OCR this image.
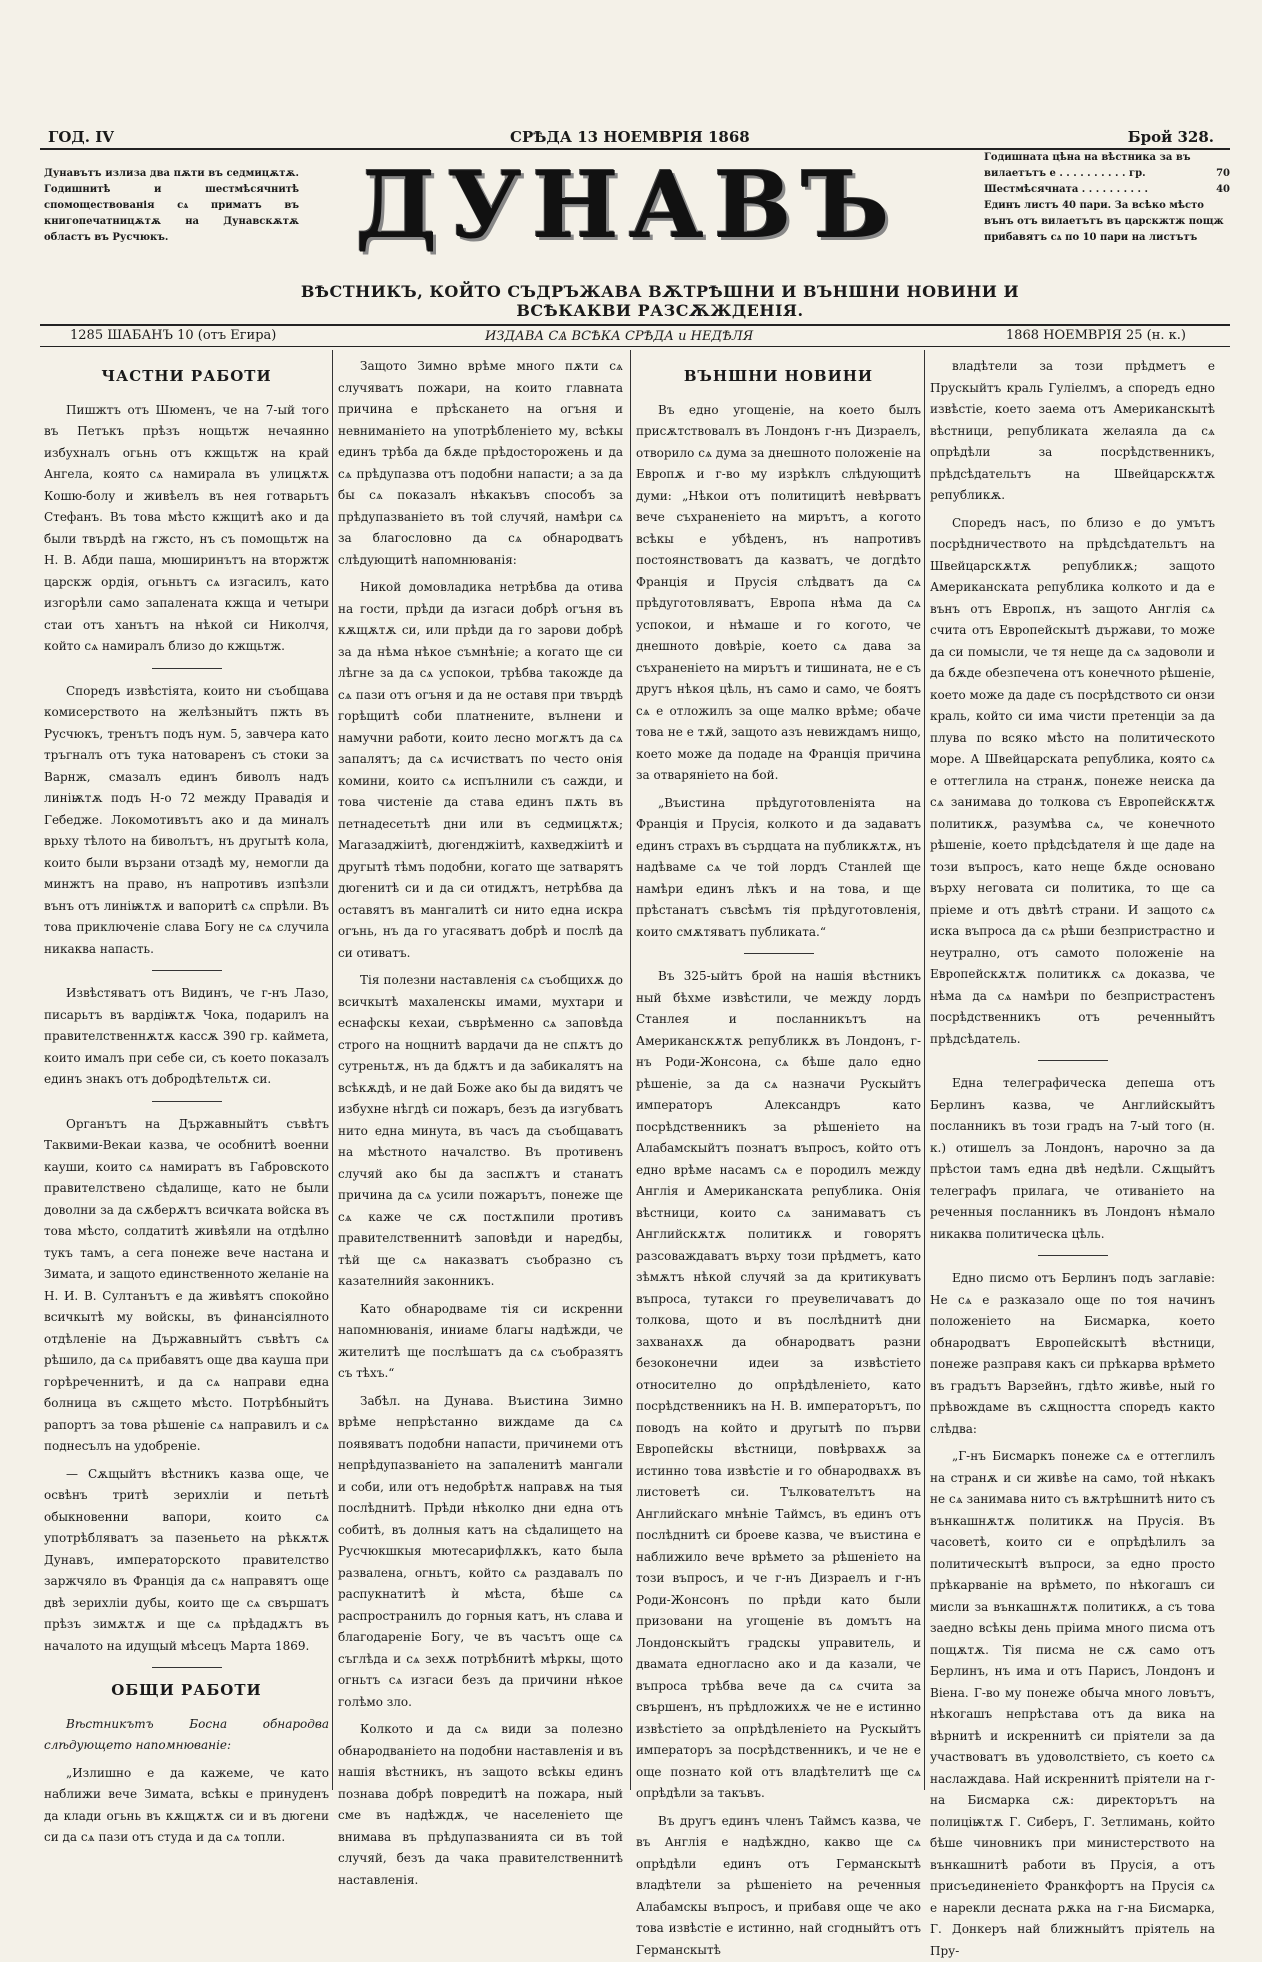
ГОД. IV	СРѢДА 13 НОЕМВРІЯ 1868	Брой 328.
Дунавътъ излиза два пѫти въ седмицѫтѫ. Годишнитѣ и шестмѣсячнитѣ спомоществованія сѧ приматъ въ книгопечатницѫтѫ на Дунавскѫтѫ областъ въ Русчюкъ.	ДУНАВЪ	Годишната цѣна на вѣстника за въ
вилаетътъ е . . . . . . . . . . гр.	70
Шестмѣсячната . . . . . . . . . .	40
Единъ листъ 40 пари. За всѣко мѣсто вънъ отъ вилаетътъ въ царскжтж пощж прибавятъ сѧ по 10 пари на листътъ
ВѢСТНИКЪ, КОЙТО СЪДРЪЖАВА ВѪТРѢШНИ И ВЪНШНИ НОВИНИ И ВСѢКАКВИ РАЗСѪЖДЕНІЯ.
1285 ШАБАНЪ 10 (отъ Егира)	ИЗДАВА СѦ ВСѢКА СРѢДА и НЕДѢЛЯ	1868 НОЕМВРІЯ 25 (н. к.)
ЧАСТНИ РАБОТИ

Пишжтъ отъ Шюменъ, че на 7-ый того въ Петъкъ прѣзъ нощьтж нечаянно избухналъ огьнь отъ кжщьтж на край Ангела, която сѧ намирала въ улицѫтѫ Кошю-болу и живѣелъ въ нея готварьтъ Стефанъ. Въ това мѣсто кжщитѣ ако и да были твърдѣ на гжсто, нъ съ помощьтж на Н. В. Абди паша, мюширинътъ на вторжтж царскж ордія, огьньтъ сѧ изгасилъ, като изгорѣли само запалената кжща и четыри стаи отъ ханътъ на нѣкой си Николчя, който сѧ намиралъ близо до кжщьтж.

Споредъ извѣстіята, които ни съобщава комисерството на желѣзныйтъ пжть въ Русчюкъ, тренътъ подъ нум. 5, завчера като тръгналъ отъ тука натоваренъ съ стоки за Варнж, смазалъ единъ биволъ надъ линіѭтѫ подъ Н-о 72 между Правадія и Гебедже. Локомотивътъ ако и да миналъ врьху тѣлото на биволътъ, нъ другытѣ кола, които были вързани отзадѣ му, немогли да минжтъ на право, нъ напротивъ изпѣзли вънъ отъ линіѭтѫ и вапоритѣ сѧ спрѣли. Въ това приключеніе слава Богу не сѧ случила никаква напасть.

Извѣстяватъ отъ Видинъ, че г-нъ Лазо, писарьтъ въ вардіѭтѫ Чока, подарилъ на правителственнѫтѫ кассѫ 390 гр. каймета, които ималъ при себе си, съ което показалъ единъ знакъ отъ добродѣтельтѫ си.

Органътъ на Държавныйтъ съвѣтъ Таквими-Векаи казва, че особнитѣ военни кауши, които сѧ намиратъ въ Габровското правителствено сѣдалище, като не были доволни за да сѫберѫтъ всичката войска въ това мѣсто, солдатитѣ живѣяли на отдѣлно тукъ тамъ, а сега понеже вече настана и Зимата, и защото единственното желаніе на Н. И. В. Султанътъ е да живѣятъ спокойно всичкытѣ му войскы, въ финансіялното отдѣленіе на Държавныйтъ съвѣтъ сѧ рѣшило, да сѧ прибавятъ още два кауша при горѣреченнитѣ, и да сѧ направи една болница въ сѫщето мѣсто. Потрѣбныйтъ рапортъ за това рѣшеніе сѧ направилъ и сѧ поднесълъ на удобреніе.

— Сѫщыйтъ вѣстникъ казва още, че освѣнъ тритѣ зерихліи и петьтѣ обыкновенни вапори, които сѧ употрѣбляватъ за пазеньето на рѣкѫтѫ Дунавъ, императорското правителство заржчяло въ Франція да сѧ направятъ още двѣ зерихліи дубы, които ще сѧ свършатъ прѣзъ зимѫтѫ и ще сѧ прѣдадѫтъ въ началото на идущый мѣсецъ Марта 1869.

ОБЩИ РАБОТИ

Вѣстникътъ Босна обнародва слѣдующето напомнюваніе:

„Излишно е да кажеме, че като наближи вече Зимата, всѣкы е принуденъ да клади огьнь въ кѫщѫтѫ си и въ дюгени си да сѧ пази отъ студа и да сѧ топли.

Защото Зимно врѣме много пѫти сѧ случяватъ пожари, на които главната причина е прѣскането на огъня и невниманіето на употрѣбленіето му, всѣкы единъ трѣба да бѫде прѣдосторожень и да сѧ прѣдупазва отъ подобни напасти; а за да бы сѧ показалъ нѣкакъвъ способъ за прѣдупазваніето въ той случяй, намѣри сѧ за благословно да сѧ обнародватъ слѣдующитѣ напомнюванія:

Никой домовладика нетрѣбва да отива на гости, прѣди да изгаси добрѣ огъня въ кѫщѫтѫ си, или прѣди да го зарови добрѣ за да нѣма нѣкое съмнѣніе; а когато ще си лѣгне за да сѧ успокои, трѣбва такожде да сѧ пази отъ огъня и да не оставя при твърдѣ горѣщитѣ соби платнените, вълнени и намучни работи, които лесно могѫтъ да сѧ запалятъ; да сѧ исчистватъ по често онія комини, които сѧ испълнили съ сажди, и това чистеніе да става единъ пѫть въ петнадесетьтѣ дни или въ седмицѫтѫ; Магазаджіитѣ, дюгенджіитѣ, кахведжіитѣ и другытѣ тѣмъ подобни, когато ще затварятъ дюгенитѣ си и да си отидѫтъ, нетрѣбва да оставятъ въ мангалитѣ си нито една искра огънь, нъ да го угасяватъ добрѣ и послѣ да си отиватъ.

Тія полезни наставленія сѧ съобщихѫ до всичкытѣ махаленскы имами, мухтари и еснафскы кехаи, съврѣменно сѧ заповѣда строго на нощнитѣ вардачи да не спѫтъ до сутреньтѫ, нъ да бдѫтъ и да забикалятъ на всѣкѫдѣ, и не дай Боже ако бы да видятъ че избухне нѣгдѣ си пожаръ, безъ да изгубватъ нито една минута, въ часъ да съобщаватъ на мѣстното началство. Въ противенъ случяй ако бы да заспѫтъ и станатъ причина да сѧ усили пожарътъ, понеже ще сѧ каже че сѫ постѫпили противъ правителственнитѣ заповѣди и наредбы, тѣй ще сѧ наказватъ съобразно съ казателнийя законникъ.

Като обнародваме тія си искренни напомнюванія, иниаме благы надѣжди, че жителитѣ ще послѣшатъ да сѧ съобразятъ съ тѣхъ.“

Забѣл. на Дунава. Въистина Зимно врѣме непрѣстанно виждаме да сѧ появяватъ подобни напасти, причинеми отъ непрѣдупазваніето на запаленитѣ мангали и соби, или отъ недобрѣтѫ направѫ на тыя послѣднитѣ. Прѣди нѣколко дни една отъ собитѣ, въ долныя катъ на сѣдалището на Русчюкшкыя мютесарифлѫкъ, като была развалена, огньтъ, който сѧ раздавалъ по распукнатитѣ ѝ мѣста, бѣше сѧ распространилъ до горныя катъ, нъ слава и благодареніе Богу, че въ часътъ още сѧ съглѣда и сѧ зехѫ потрѣбнитѣ мѣркы, щото огньтъ сѧ изгаси безъ да причини нѣкое голѣмо зло.

Колкото и да сѧ види за полезно обнародваніето на подобни наставленія и въ нашія вѣстникъ, нъ защото всѣкы единъ познава добрѣ повредитѣ на пожара, ный сме въ надѣждѫ, че населеніето ще внимава въ прѣдупазванията си въ той случяй, безъ да чака правителственнитѣ наставленія.

ВЪНШНИ НОВИНИ

Въ едно угощеніе, на което былъ присѫтствовалъ въ Лондонъ г-нъ Дизраелъ, отворило сѧ дума за днешното положеніе на Европѫ и г-во му изрѣклъ слѣдующитѣ думи: „Нѣкои отъ политицитѣ невѣрватъ вече съхраненіето на мирътъ, а когото всѣкы е убѣденъ, нъ напротивъ постоянствоватъ да казватъ, че догдѣто Франція и Прусія слѣдватъ да сѧ прѣдуготовляватъ, Европа нѣма да сѧ успокои, и нѣмаше и го когото, че днешното довѣріе, което сѧ дава за съхраненіето на мирътъ и тишината, не е съ другъ нѣкоя цѣль, нъ само и само, че боятъ сѧ е отложилъ за още малко врѣме; обаче това не е тѫй, защото азъ невиждамъ нищо, което може да подаде на Франція причина за отваряніето на бой.

„Въистина прѣдуготовленіята на Франція и Прусія, колкото и да задаватъ единъ страхъ въ сърдцата на публикѫтѫ, нъ надѣваме сѧ че той лордъ Станлей ще намѣри единъ лѣкъ и на това, и ще прѣстанатъ съвсѣмъ тія прѣдуготовленія, които смѫтяватъ публиката.“

Въ 325-ыйтъ брой на нашія вѣстникъ ный бѣхме извѣстили, че между лордъ Станлея и посланникътъ на Американскѫтѫ републикѫ въ Лондонъ, г-нъ Роди-Жонсона, сѧ бѣше дало едно рѣшеніе, за да сѧ назначи Рускыйтъ императоръ Александръ като посрѣдственникъ за рѣшеніето на Алабамскыйтъ познатъ въпросъ, който отъ едно врѣме насамъ сѧ е породилъ между Англія и Американската република. Онія вѣстници, които сѧ занимаватъ съ Английскѫтѫ политикѫ и говорятъ разсоваждаватъ върху този прѣдметъ, като зѣмѫтъ нѣкой случяй за да критикуватъ въпроса, тутакси го преувеличаватъ до толкова, щото и въ послѣднитѣ дни захванахѫ да обнародватъ разни безоконечни идеи за извѣстіето относително до опрѣдѣленіето, като посрѣдственникъ на Н. В. императорътъ, по поводъ на който и другытѣ по първи Европейскы вѣстници, повѣрвахѫ за истинно това извѣстіе и го обнародвахѫ въ листоветѣ си. Тълкователътъ на Английскаго мнѣніе Таймсъ, въ единъ отъ послѣднитѣ си броеве казва, че въистина е наближило вече врѣмето за рѣшеніето на този въпросъ, и че г-нъ Дизраелъ и г-нъ Роди-Жонсонъ по прѣди като были призовани на угощеніе въ домътъ на Лондонскыйтъ градскы управитель, и двамата едногласно ако и да казали, че въпроса трѣбва вече да сѧ счита за свършенъ, нъ прѣдложихѫ че не е истинно извѣстіето за опрѣдѣленіето на Рускыйтъ императоръ за посрѣдственникъ, и че не е още познато кой отъ владѣтелитѣ ще сѧ опрѣдѣли за такъвъ.

Въ другъ единъ членъ Таймсъ казва, че въ Англія е надѣждно, какво ще сѧ опрѣдѣли единъ отъ Германскытѣ владѣтели за рѣшеніето на реченныя Алабамскы въпросъ, и прибавя още че ако това извѣстіе е истинно, най сгодныйтъ отъ Германскытѣ

владѣтели за този прѣдметъ е Прускыйтъ краль Гуліелмъ, а споредъ едно извѣстіе, което заема отъ Американскытѣ вѣстници, републиката желаяла да сѧ опрѣдѣли за посрѣдственникъ, прѣдсѣдательтъ на Швейцарскѫтѫ републикѫ.

Споредъ насъ, по близо е до умътъ посрѣдничеството на прѣдсѣдательтъ на Швейцарскѫтѫ републикѫ; защото Американската република колкото и да е вънъ отъ Европѫ, нъ защото Англія сѧ счита отъ Европейскытѣ държави, то може да си помысли, че тя неще да сѧ задоволи и да бѫде обезпечена отъ конечното рѣшеніе, което може да даде съ посрѣдството си онзи краль, който си има чисти претенціи за да плува по всяко мѣсто на политическото море. А Швейцарската република, която сѧ е оттеглила на странѫ, понеже неиска да сѧ занимава до толкова съ Европейскѫтѫ политикѫ, разумѣва сѧ, че конечното рѣшеніе, което прѣдсѣдателя ѝ ще даде на този въпросъ, като неще бѫде основано върху неговата си политика, то ще са пріеме и отъ двѣтѣ страни. И защото сѧ иска въпроса да сѧ рѣши безпристрастно и неутрално, отъ самото положеніе на Европейскѫтѫ политикѫ сѧ доказва, че нѣма да сѧ намѣри по безпристрастенъ посрѣдственникъ отъ реченныйтъ прѣдсѣдатель.

Една телеграфическа депеша отъ Берлинъ казва, че Английскыйтъ посланникъ въ този градъ на 7-ый того (н. к.) отишелъ за Лондонъ, нарочно за да прѣстои тамъ една двѣ недѣли. Сѫщыйтъ телеграфъ прилага, че отиваніето на реченныя посланникъ въ Лондонъ нѣмало никаква политическа цѣль.

Едно писмо отъ Берлинъ подъ заглавіе: Не сѧ е разказало още по тоя начинъ положеніето на Бисмарка, което обнародватъ Европейскытѣ вѣстници, понеже разправя какъ си прѣкарва врѣмето въ градътъ Варзейнъ, гдѣто живѣе, ный го прѣвождаме въ сѫщността споредъ както слѣдва:

„Г-нъ Бисмаркъ понеже сѧ е оттеглилъ на странѫ и си живѣе на само, той нѣкакъ не сѧ занимава нито съ вѫтрѣшнитѣ нито съ вънкашнѫтѫ политикѫ на Прусія. Въ часоветѣ, които си е опрѣдѣлилъ за политическытѣ въпроси, за едно просто прѣкарваніе на врѣмето, по нѣкогашъ си мисли за вънкашнѫтѫ политикѫ, а съ това заедно всѣкы день пріима много писма отъ пощѫтѫ. Тія писма не сѫ само отъ Берлинъ, нъ има и отъ Парисъ, Лондонъ и Віена. Г-во му понеже обыча много ловътъ, нѣкогашъ непрѣстава отъ да вика на вѣрнитѣ и искреннитѣ си пріятели за да участвоватъ въ удоволствіето, съ което сѧ наслаждава. Най искреннитѣ пріятели на г-на Бисмарка сѫ: директорътъ на полиціѭтѫ Г. Сиберъ, Г. Зетлимань, който бѣше чиновникъ при министерството на вънкашнитѣ работи въ Прусія, а отъ присъединеніето Франкфортъ на Прусія сѧ е нарекли десната рѫка на г-на Бисмарка, Г. Донкеръ най ближныйтъ пріятель на Пру-
